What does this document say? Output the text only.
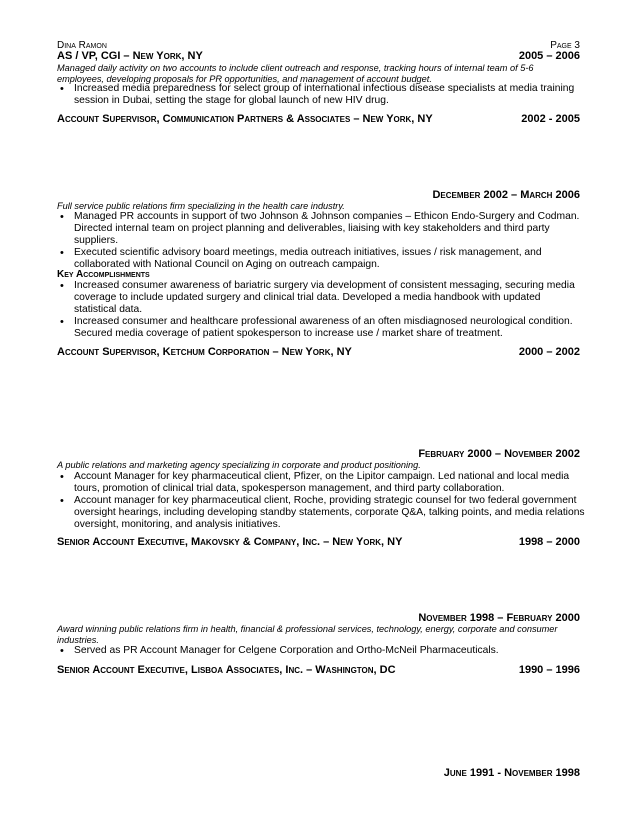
Dina Ramon	Page 3
AS / VP, CGI – New York, NY	2005 – 2006
Managed daily activity on two accounts to include client outreach and response, tracking hours of internal team of 5-6 employees, developing proposals for PR opportunities, and management of account budget.
• Increased media preparedness for select group of international infectious disease specialists at media training session in Dubai, setting the stage for global launch of new HIV drug.
Account Supervisor, Communication Partners & Associates – New York, NY	2002 - 2005
December 2002 – March 2006
Full service public relations firm specializing in the health care industry.
• Managed PR accounts in support of two Johnson & Johnson companies – Ethicon Endo-Surgery and Codman. Directed internal team on project planning and deliverables, liaising with key stakeholders and third party suppliers.
• Executed scientific advisory board meetings, media outreach initiatives, issues / risk management, and collaborated with National Council on Aging on outreach campaign.
Key Accomplishments
• Increased consumer awareness of bariatric surgery via development of consistent messaging, securing media coverage to include updated surgery and clinical trial data. Developed a media handbook with updated statistical data.
• Increased consumer and healthcare professional awareness of an often misdiagnosed neurological condition. Secured media coverage of patient spokesperson to increase use / market share of treatment.
Account Supervisor, Ketchum Corporation – New York, NY	2000 – 2002
February 2000 – November 2002
A public relations and marketing agency specializing in corporate and product positioning.
• Account Manager for key pharmaceutical client, Pfizer, on the Lipitor campaign. Led national and local media tours, promotion of clinical trial data, spokesperson management, and third party collaboration.
• Account manager for key pharmaceutical client, Roche, providing strategic counsel for two federal government oversight hearings, including developing standby statements, corporate Q&A, talking points, and media relations oversight, monitoring, and analysis initiatives.
Senior Account Executive, Makovsky & Company, Inc. – New York, NY	1998 – 2000
November 1998 – February 2000
Award winning public relations firm in health, financial & professional services, technology, energy, corporate and consumer industries.
• Served as PR Account Manager for Celgene Corporation and Ortho-McNeil Pharmaceuticals.
Senior Account Executive, Lisboa Associates, Inc. – Washington, DC	1990 – 1996
June 1991 - November 1998
